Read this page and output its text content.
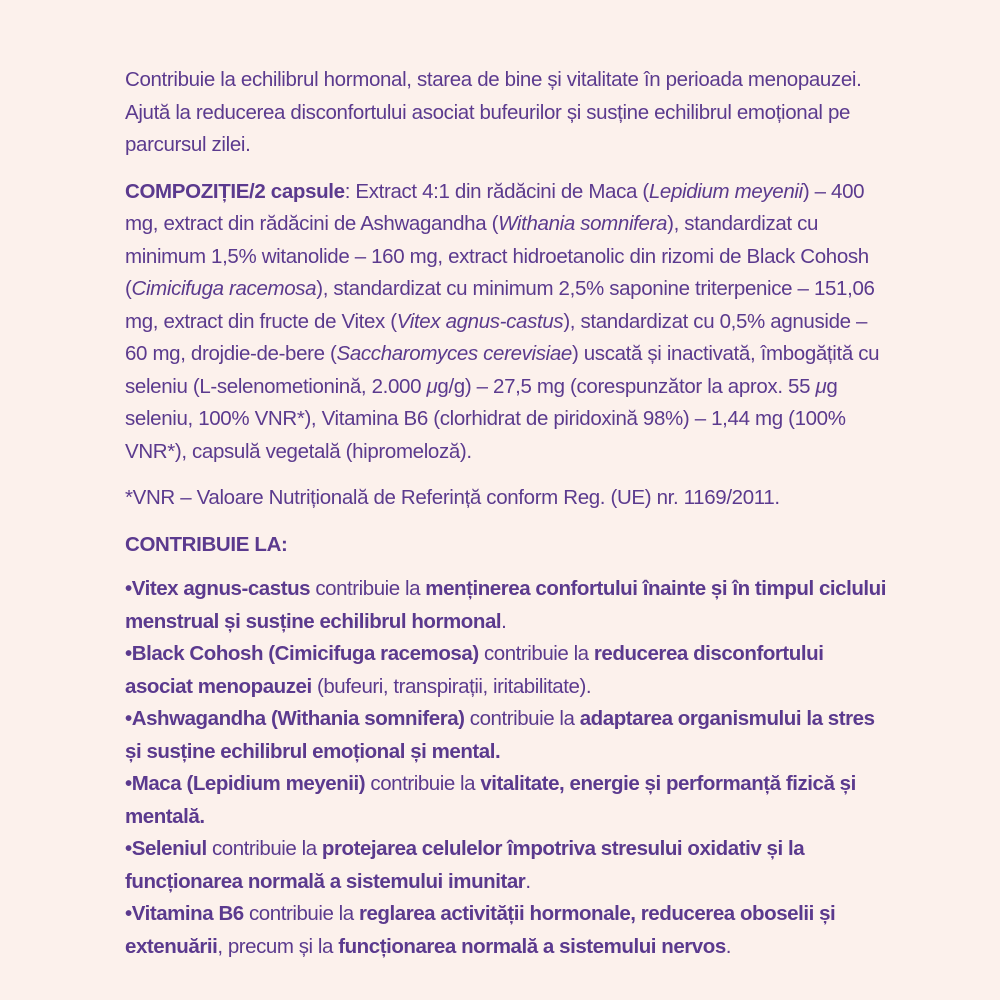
Contribuie la echilibrul hormonal, starea de bine și vitalitate în perioada menopauzei.
Ajută la reducerea disconfortului asociat bufeurilor și susține echilibrul emoțional pe parcursul zilei.

COMPOZIȚIE/2 capsule: Extract 4:1 din rădăcini de Maca (Lepidium meyenii) – 400 mg, extract din rădăcini de Ashwagandha (Withania somnifera), standardizat cu minimum 1,5% witanolide – 160 mg, extract hidroetanolic din rizomi de Black Cohosh (Cimicifuga racemosa), standardizat cu minimum 2,5% saponine triterpenice – 151,06 mg, extract din fructe de Vitex (Vitex agnus-castus), standardizat cu 0,5% agnuside – 60 mg, drojdie-de-bere (Saccharomyces cerevisiae) uscată și inactivată, îmbogățită cu seleniu (L-selenometionină, 2.000 μg/g) – 27,5 mg (corespunzător la aprox. 55 μg seleniu, 100% VNR*), Vitamina B6 (clorhidrat de piridoxină 98%) – 1,44 mg (100% VNR*), capsulă vegetală (hipromeloză).

*VNR – Valoare Nutrițională de Referință conform Reg. (UE) nr. 1169/2011.

CONTRIBUIE LA:

•Vitex agnus-castus contribuie la menținerea confortului înainte și în timpul ciclului menstrual și susține echilibrul hormonal.
•Black Cohosh (Cimicifuga racemosa) contribuie la reducerea disconfortului asociat menopauzei (bufeuri, transpirații, iritabilitate).
•Ashwagandha (Withania somnifera) contribuie la adaptarea organismului la stres și susține echilibrul emoțional și mental.
•Maca (Lepidium meyenii) contribuie la vitalitate, energie și performanță fizică și mentală.
•Seleniul contribuie la protejarea celulelor împotriva stresului oxidativ și la funcționarea normală a sistemului imunitar.
•Vitamina B6 contribuie la reglarea activității hormonale, reducerea oboselii și extenuării, precum și la funcționarea normală a sistemului nervos.
